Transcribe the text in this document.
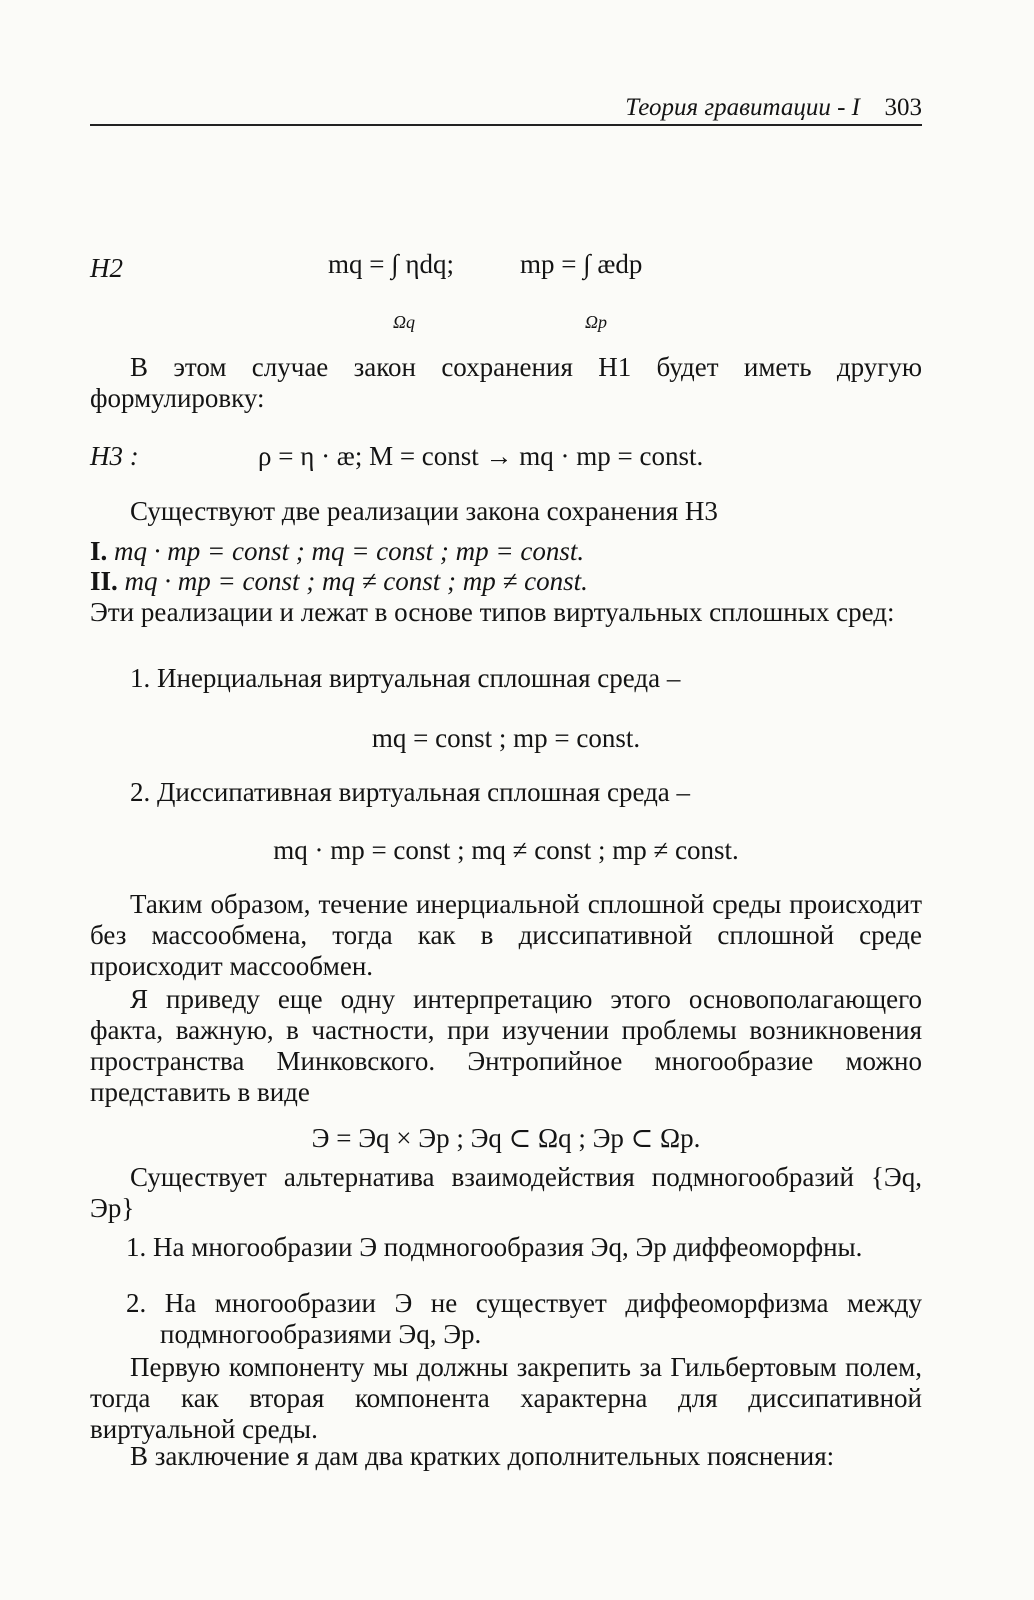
Теория гравитации - I 303
H2	mq = ∫ ηdq; mp = ∫ ædp
Ωq	Ωp
В этом случае закон сохранения H1 будет иметь другую формулировку:
H3 :	ρ = η · æ; M = const → mq · mp = const.
Существуют две реализации закона сохранения H3
I. mq · mp = const ; mq = const ; mp = const.
II. mq · mp = const ; mq ≠ const ; mp ≠ const.
Эти реализации и лежат в основе типов виртуальных сплошных сред:
1. Инерциальная виртуальная сплошная среда –
mq = const ; mp = const.
2. Диссипативная виртуальная сплошная среда –
mq · mp = const ; mq ≠ const ; mp ≠ const.
Таким образом, течение инерциальной сплошной среды происходит без массообмена, тогда как в диссипативной сплошной среде происходит массообмен.
Я приведу еще одну интерпретацию этого основополагающего факта, важную, в частности, при изучении проблемы возникновения пространства Минковского. Энтропийное многообразие можно представить в виде
Э = Эq × Эp ; Эq ⊂ Ωq ; Эp ⊂ Ωp.
Существует альтернатива взаимодействия подмногообразий {Эq, Эp}
1. На многообразии Э подмногообразия Эq, Эp диффеоморфны.
2. На многообразии Э не существует диффеоморфизма между подмногообразиями Эq, Эp.
Первую компоненту мы должны закрепить за Гильбертовым полем, тогда как вторая компонента характерна для диссипативной виртуальной среды.
В заключение я дам два кратких дополнительных пояснения:
